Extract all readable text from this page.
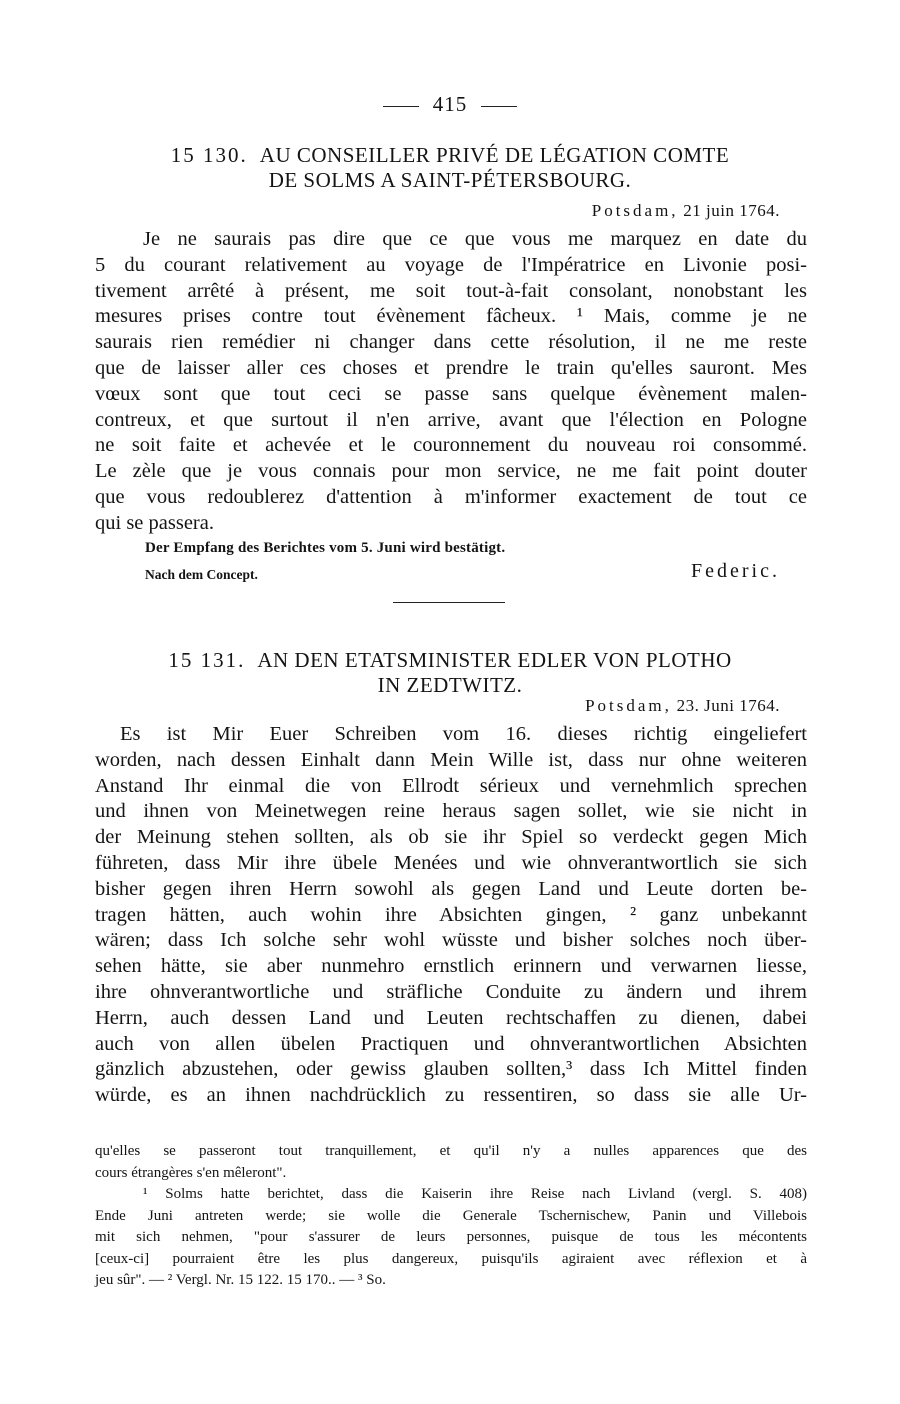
415
15 130. AU CONSEILLER PRIVÉ DE LÉGATION COMTE
DE SOLMS A SAINT-PÉTERSBOURG.
Potsdam, 21 juin 1764.
Je ne saurais pas dire que ce que vous me marquez en date du
5 du courant relativement au voyage de l'Impératrice en Livonie posi-
tivement arrêté à présent, me soit tout-à-fait consolant, nonobstant les
mesures prises contre tout évènement fâcheux. ¹ Mais, comme je ne
saurais rien remédier ni changer dans cette résolution, il ne me reste
que de laisser aller ces choses et prendre le train qu'elles sauront. Mes
vœux sont que tout ceci se passe sans quelque évènement malen-
contreux, et que surtout il n'en arrive, avant que l'élection en Pologne
ne soit faite et achevée et le couronnement du nouveau roi consommé.
Le zèle que je vous connais pour mon service, ne me fait point douter
que vous redoublerez d'attention à m'informer exactement de tout ce
qui se passera.
Der Empfang des Berichtes vom 5. Juni wird bestätigt.
Nach dem Concept.	Federic.
15 131. AN DEN ETATSMINISTER EDLER VON PLOTHO
IN ZEDTWITZ.
Potsdam, 23. Juni 1764.
Es ist Mir Euer Schreiben vom 16. dieses richtig eingeliefert
worden, nach dessen Einhalt dann Mein Wille ist, dass nur ohne weiteren
Anstand Ihr einmal die von Ellrodt sérieux und vernehmlich sprechen
und ihnen von Meinetwegen reine heraus sagen sollet, wie sie nicht in
der Meinung stehen sollten, als ob sie ihr Spiel so verdeckt gegen Mich
führeten, dass Mir ihre übele Menées und wie ohnverantwortlich sie sich
bisher gegen ihren Herrn sowohl als gegen Land und Leute dorten be-
tragen hätten, auch wohin ihre Absichten gingen, ² ganz unbekannt
wären; dass Ich solche sehr wohl wüsste und bisher solches noch über-
sehen hätte, sie aber nunmehro ernstlich erinnern und verwarnen liesse,
ihre ohnverantwortliche und sträfliche Conduite zu ändern und ihrem
Herrn, auch dessen Land und Leuten rechtschaffen zu dienen, dabei
auch von allen übelen Practiquen und ohnverantwortlichen Absichten
gänzlich abzustehen, oder gewiss glauben sollten,³ dass Ich Mittel finden
würde, es an ihnen nachdrücklich zu ressentiren, so dass sie alle Ur-
qu'elles se passeront tout tranquillement, et qu'il n'y a nulles apparences que des
cours étrangères s'en mêleront".
¹ Solms hatte berichtet, dass die Kaiserin ihre Reise nach Livland (vergl. S. 408)
Ende Juni antreten werde; sie wolle die Generale Tschernischew, Panin und Villebois
mit sich nehmen, "pour s'assurer de leurs personnes, puisque de tous les mécontents
[ceux-ci] pourraient être les plus dangereux, puisqu'ils agiraient avec réflexion et à
jeu sûr". — ² Vergl. Nr. 15 122. 15 170.. — ³ So.
